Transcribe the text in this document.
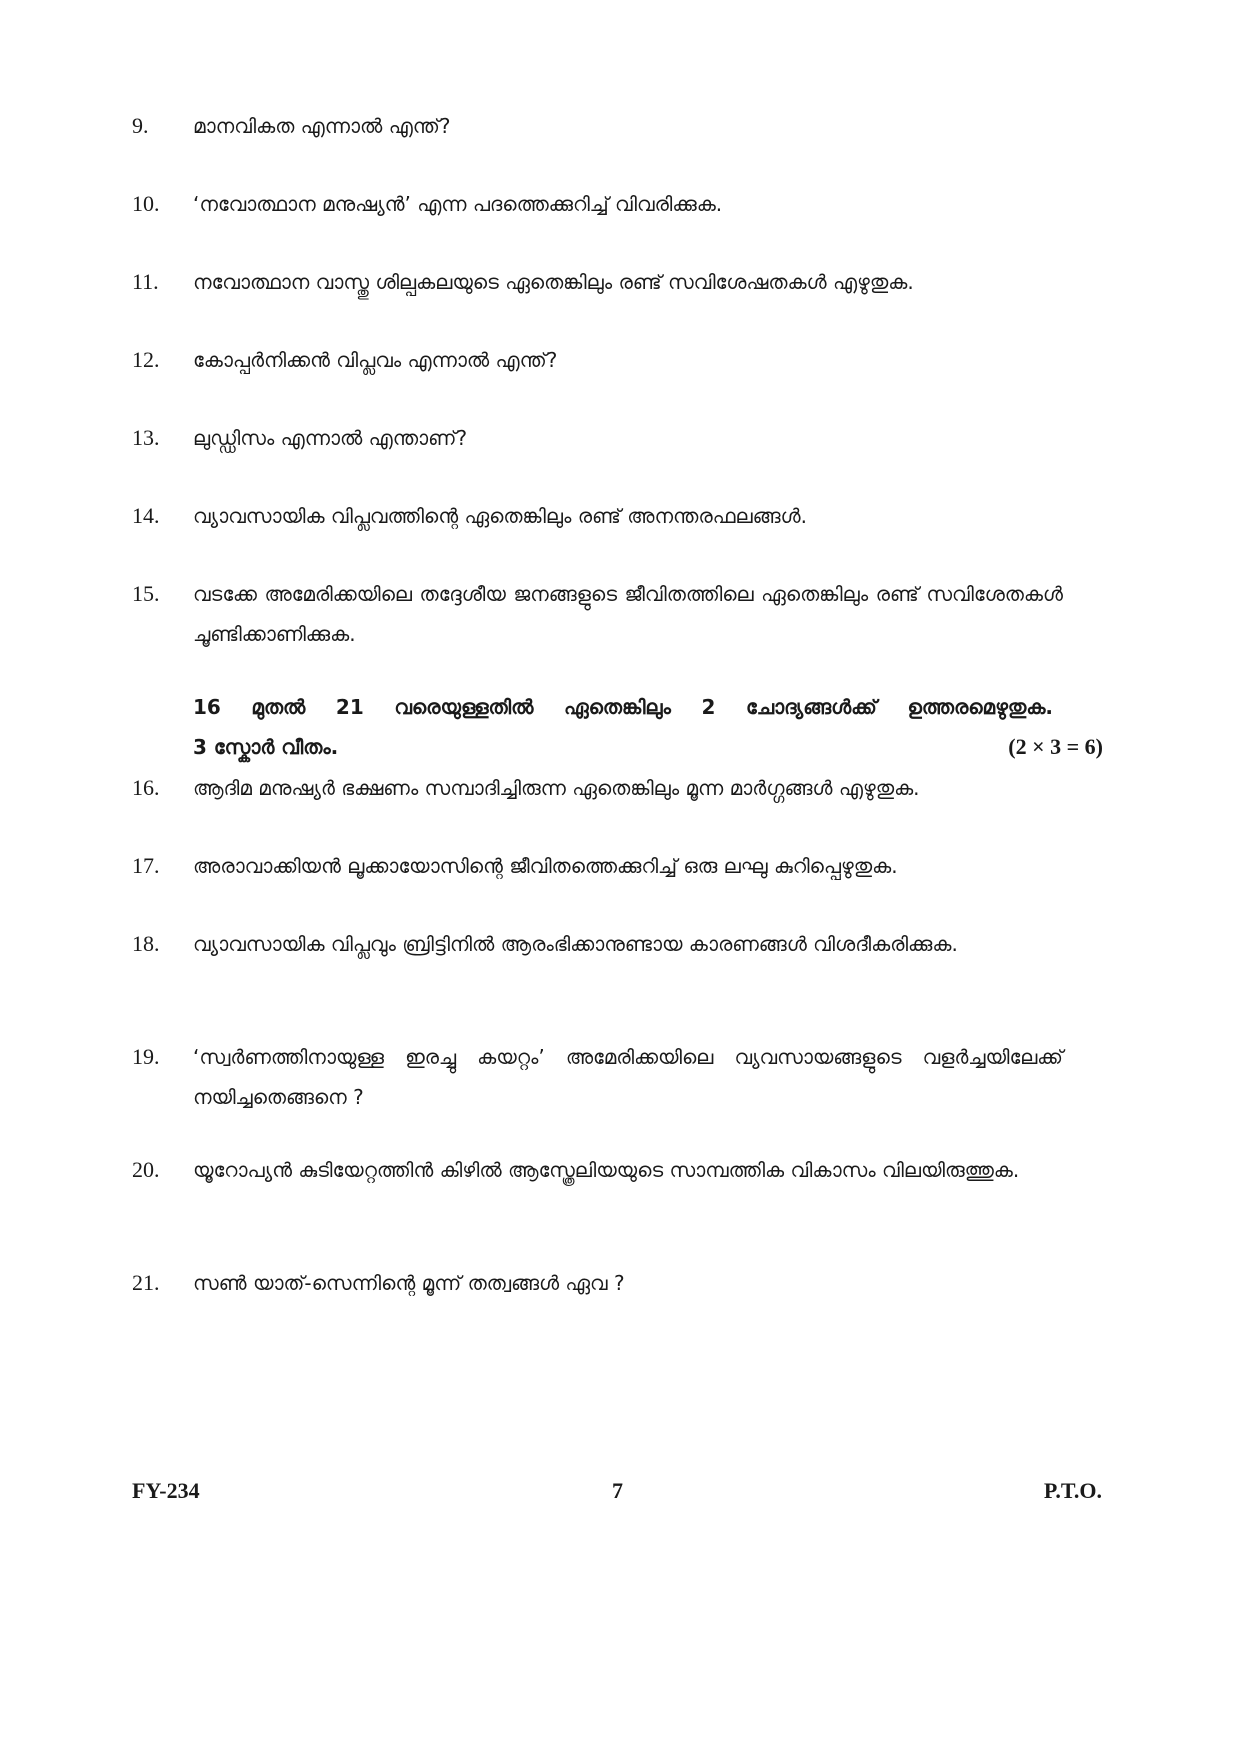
9. മാനവികത എന്നാൽ എന്ത്?
10. ‘നവോത്ഥാന മനുഷ്യൻ’ എന്ന പദത്തെക്കുറിച്ച് വിവരിക്കുക.
11. നവോത്ഥാന വാസ്തു ശില്പകലയുടെ ഏതെങ്കിലും രണ്ട് സവിശേഷതകൾ എഴുതുക.
12. കോപ്പർനിക്കൻ വിപ്ലവം എന്നാൽ എന്ത്?
13. ലുഡ്ഡിസം എന്നാൽ എന്താണ്?
14. വ്യാവസായിക വിപ്ലവത്തിന്റെ ഏതെങ്കിലും രണ്ട് അനന്തരഫലങ്ങൾ.
15. വടക്കേ അമേരിക്കയിലെ തദ്ദേശീയ ജനങ്ങളുടെ ജീവിതത്തിലെ ഏതെങ്കിലും രണ്ട് സവിശേതകൾ ചൂണ്ടിക്കാണിക്കുക.
16 മുതൽ 21 വരെയുള്ളതിൽ ഏതെങ്കിലും 2 ചോദ്യങ്ങൾക്ക് ഉത്തരമെഴുതുക.
3 സ്കോർ വീതം.	(2 × 3 = 6)
16. ആദിമ മനുഷ്യർ ഭക്ഷണം സമ്പാദിച്ചിരുന്ന ഏതെങ്കിലും മൂന്ന മാർഗ്ഗങ്ങൾ എഴുതുക.
17. അരാവാക്കിയൻ ലൂക്കായോസിന്റെ ജീവിതത്തെക്കുറിച്ച് ഒരു ലഘു കുറിപ്പെഴുതുക.
18. വ്യാവസായിക വിപ്ലവും ബ്രിട്ടിനിൽ ആരംഭിക്കാനുണ്ടായ കാരണങ്ങൾ വിശദീകരിക്കുക.
19. ‘സ്വർണത്തിനായുള്ള ഇരച്ചു കയറ്റം’ അമേരിക്കയിലെ വ്യവസായങ്ങളുടെ വളർച്ചയിലേക്ക് നയിച്ചതെങ്ങനെ ?
20. യൂറോപ്യൻ കുടിയേറ്റത്തിൻ കിഴിൽ ആസ്ത്രേലിയയുടെ സാമ്പത്തിക വികാസം വിലയിരുത്തുക.
21. സൺ യാത്-സെന്നിന്റെ മൂന്ന് തത്വങ്ങൾ ഏവ ?
FY-234	7	P.T.O.
